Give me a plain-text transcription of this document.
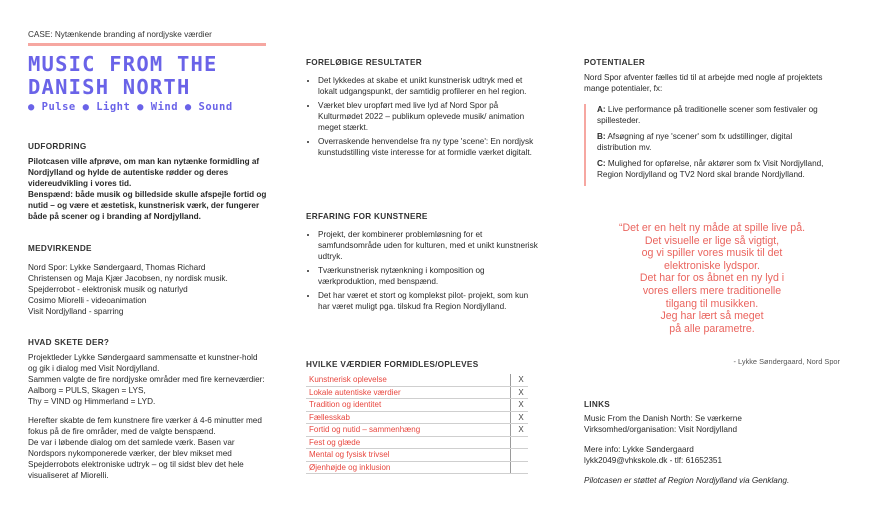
CASE: Nytænkende branding af nordjyske værdier
MUSIC FROM THE
DANISH NORTH
● Pulse ● Light ● Wind ● Sound
UDFORDRING
Pilotcasen ville afprøve, om man kan nytænke formidling af Nordjylland og hylde de autentiske rødder og deres videreudvikling i vores tid.
Benspænd: både musik og billedside skulle afspejle fortid og nutid – og være et æstetisk, kunstnerisk værk, der fungerer både på scener og i branding af Nordjylland.
MEDVIRKENDE
Nord Spor: Lykke Søndergaard, Thomas Richard
Christensen og Maja Kjær Jacobsen, ny nordisk musik.
Spejderrobot - elektronisk musik og naturlyd
Cosimo Miorelli - videoanimation
Visit Nordjylland - sparring
HVAD SKETE DER?
Projektleder Lykke Søndergaard sammensatte et kunstner-hold og gik i dialog med Visit Nordjylland.
Sammen valgte de fire nordjyske områder med fire kerneværdier: Aalborg = PULS, Skagen = LYS,
Thy = VIND og Himmerland = LYD.
Herefter skabte de fem kunstnere fire værker á 4-6 minutter med fokus på de fire områder, med de valgte benspænd.
De var i løbende dialog om det samlede værk. Basen var Nordspors nykomponerede værker, der blev mikset med Spejderrobots elektroniske udtryk – og til sidst blev det hele visualiseret af Miorelli.
FORELØBIGE RESULTATER
• Det lykkedes at skabe et unikt kunstnerisk udtryk med et lokalt udgangspunkt, der samtidig profilerer en hel region.
• Værket blev uropført med live lyd af Nord Spor på Kulturmødet 2022 – publikum oplevede musik/ animation meget stærkt.
• Overraskende henvendelse fra ny type 'scene': En nordjysk kunstudstilling viste interesse for at formidle værket digitalt.
ERFARING FOR KUNSTNERE
• Projekt, der kombinerer problemløsning for et samfundsområde uden for kulturen, med et unikt kunstnerisk udtryk.
• Tværkunstnerisk nytænkning i komposition og værkproduktion, med benspænd.
• Det har været et stort og komplekst pilot- projekt, som kun har været muligt pga. tilskud fra Region Nordjylland.
HVILKE VÆRDIER FORMIDLES/OPLEVES
Kunstnerisk oplevelse	X
Lokale autentiske værdier	X
Tradition og identitet	X
Fællesskab	X
Fortid og nutid – sammenhæng	X
Fest og glæde	
Mental og fysisk trivsel	
Øjenhøjde og inklusion	
POTENTIALER
Nord Spor afventer fælles tid til at arbejde med nogle af projektets mange potentialer, fx:
A: Live performance på traditionelle scener som festivaler og spillesteder.
B: Afsøgning af nye 'scener' som fx udstillinger, digital distribution mv.
C: Mulighed for opførelse, når aktører som fx Visit Nordjylland, Region Nordjylland og TV2 Nord skal brande Nordjylland.
“Det er en helt ny måde at spille live på.
Det visuelle er lige så vigtigt,
og vi spiller vores musik til det
elektroniske lydspor.
Det har for os åbnet en ny lyd i
vores ellers mere traditionelle
tilgang til musikken.
Jeg har lært så meget
på alle parametre.
- Lykke Søndergaard, Nord Spor
LINKS
Music From the Danish North: Se værkerne
Virksomhed/organisation: Visit Nordjylland
Mere info: Lykke Søndergaard
lykk2049@vhkskole.dk - tlf: 61652351
Pilotcasen er støttet af Region Nordjylland via Genklang.
